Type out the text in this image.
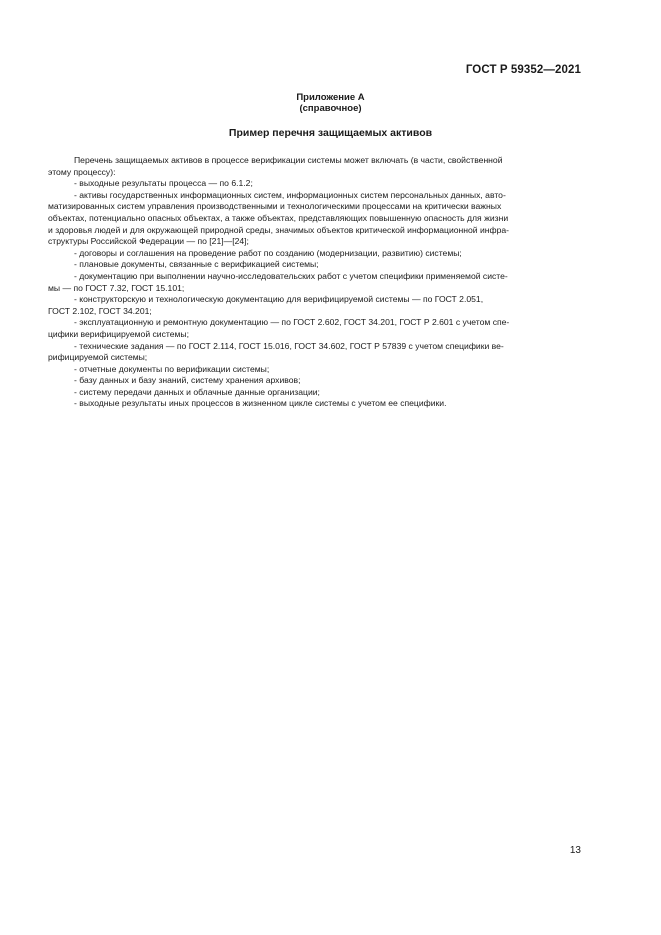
ГОСТ Р 59352—2021
Приложение А
(справочное)
Пример перечня защищаемых активов
Перечень защищаемых активов в процессе верификации системы может включать (в части, свойственной
этому процессу):
- выходные результаты процесса — по 6.1.2;
- активы государственных информационных систем, информационных систем персональных данных, авто-
матизированных систем управления производственными и технологическими процессами на критически важных
объектах, потенциально опасных объектах, а также объектах, представляющих повышенную опасность для жизни
и здоровья людей и для окружающей природной среды, значимых объектов критической информационной инфра-
структуры Российской Федерации — по [21]—[24];
- договоры и соглашения на проведение работ по созданию (модернизации, развитию) системы;
- плановые документы, связанные с верификацией системы;
- документацию при выполнении научно-исследовательских работ с учетом специфики применяемой систе-
мы — по ГОСТ 7.32, ГОСТ 15.101;
- конструкторскую и технологическую документацию для верифицируемой системы — по ГОСТ 2.051,
ГОСТ 2.102, ГОСТ 34.201;
- эксплуатационную и ремонтную документацию — по ГОСТ 2.602, ГОСТ 34.201, ГОСТ Р 2.601 с учетом спе-
цифики верифицируемой системы;
- технические задания — по ГОСТ 2.114, ГОСТ 15.016, ГОСТ 34.602, ГОСТ Р 57839 с учетом специфики ве-
рифицируемой системы;
- отчетные документы по верификации системы;
- базу данных и базу знаний, систему хранения архивов;
- систему передачи данных и облачные данные организации;
- выходные результаты иных процессов в жизненном цикле системы с учетом ее специфики.
13
